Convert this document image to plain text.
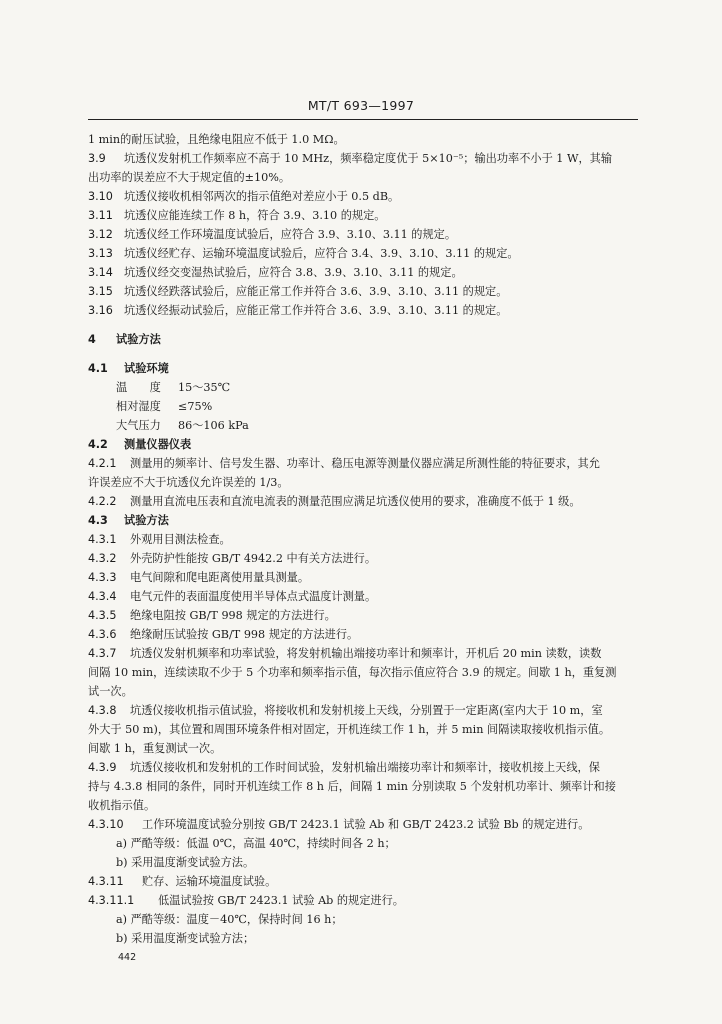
MT/T 693—1997
1 min的耐压试验，且绝缘电阻应不低于 1.0 MΩ。
3.9 坑透仪发射机工作频率应不高于 10 MHz，频率稳定度优于 5×10⁻⁵；输出功率不小于 1 W，其输
出功率的误差应不大于规定值的±10%。
3.10 坑透仪接收机相邻两次的指示值绝对差应小于 0.5 dB。
3.11 坑透仪应能连续工作 8 h，符合 3.9、3.10 的规定。
3.12 坑透仪经工作环境温度试验后，应符合 3.9、3.10、3.11 的规定。
3.13 坑透仪经贮存、运输环境温度试验后，应符合 3.4、3.9、3.10、3.11 的规定。
3.14 坑透仪经交变湿热试验后，应符合 3.8、3.9、3.10、3.11 的规定。
3.15 坑透仪经跌落试验后，应能正常工作并符合 3.6、3.9、3.10、3.11 的规定。
3.16 坑透仪经振动试验后，应能正常工作并符合 3.6、3.9、3.10、3.11 的规定。
4 试验方法
4.1 试验环境
温　　度 15～35℃
相对湿度 ≤75%
大气压力 86～106 kPa
4.2 测量仪器仪表
4.2.1 测量用的频率计、信号发生器、功率计、稳压电源等测量仪器应满足所测性能的特征要求，其允
许误差应不大于坑透仪允许误差的 1/3。
4.2.2 测量用直流电压表和直流电流表的测量范围应满足坑透仪使用的要求，准确度不低于 1 级。
4.3 试验方法
4.3.1 外观用目测法检查。
4.3.2 外壳防护性能按 GB/T 4942.2 中有关方法进行。
4.3.3 电气间隙和爬电距离使用量具测量。
4.3.4 电气元件的表面温度使用半导体点式温度计测量。
4.3.5 绝缘电阻按 GB/T 998 规定的方法进行。
4.3.6 绝缘耐压试验按 GB/T 998 规定的方法进行。
4.3.7 坑透仪发射机频率和功率试验，将发射机输出端接功率计和频率计，开机后 20 min 读数，读数
间隔 10 min，连续读取不少于 5 个功率和频率指示值，每次指示值应符合 3.9 的规定。间歇 1 h，重复测
试一次。
4.3.8 坑透仪接收机指示值试验，将接收机和发射机接上天线，分别置于一定距离(室内大于 10 m，室
外大于 50 m)，其位置和周围环境条件相对固定，开机连续工作 1 h，并 5 min 间隔读取接收机指示值。
间歇 1 h，重复测试一次。
4.3.9 坑透仪接收机和发射机的工作时间试验，发射机输出端接功率计和频率计，接收机接上天线，保
持与 4.3.8 相同的条件，同时开机连续工作 8 h 后，间隔 1 min 分别读取 5 个发射机功率计、频率计和接
收机指示值。
4.3.10 工作环境温度试验分别按 GB/T 2423.1 试验 Ab 和 GB/T 2423.2 试验 Bb 的规定进行。
a) 严酷等级：低温 0℃，高温 40℃，持续时间各 2 h；
b) 采用温度渐变试验方法。
4.3.11 贮存、运输环境温度试验。
4.3.11.1 低温试验按 GB/T 2423.1 试验 Ab 的规定进行。
a) 严酷等级：温度－40℃，保持时间 16 h；
b) 采用温度渐变试验方法；
442
